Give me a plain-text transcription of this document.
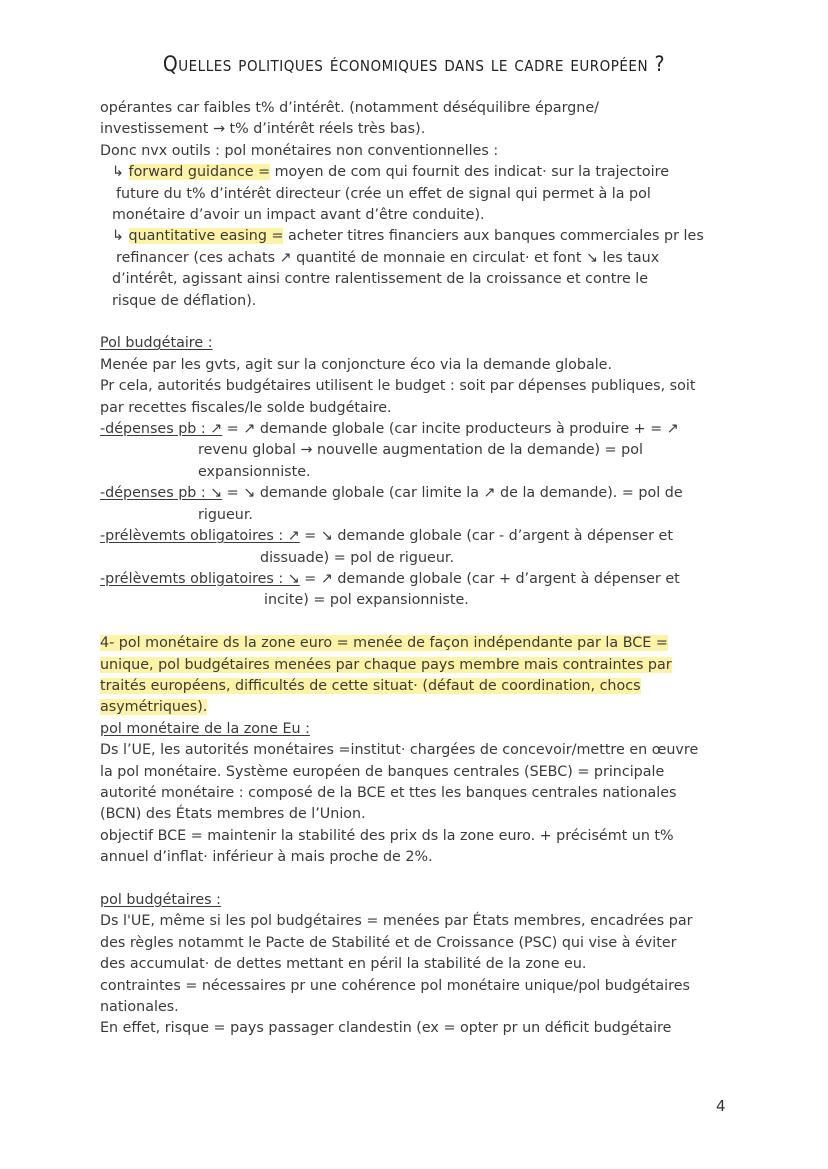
Quelles politiques économiques dans le cadre européen ?
opérantes car faibles t% d’intérêt. (notamment déséquilibre épargne/
investissement → t% d’intérêt réels très bas).
Donc nvx outils : pol monétaires non conventionnelles :
↳ forward guidance = moyen de com qui fournit des indicat· sur la trajectoire
future du t% d’intérêt directeur (crée un effet de signal qui permet à la pol
monétaire d’avoir un impact avant d’être conduite).
↳ quantitative easing = acheter titres financiers aux banques commerciales pr les
refinancer (ces achats ↗ quantité de monnaie en circulat· et font ↘ les taux
d’intérêt, agissant ainsi contre ralentissement de la croissance et contre le
risque de déflation).
Pol budgétaire :
Menée par les gvts, agit sur la conjoncture éco via la demande globale.
Pr cela, autorités budgétaires utilisent le budget : soit par dépenses publiques, soit
par recettes fiscales/le solde budgétaire.
-dépenses pb : ↗ = ↗ demande globale (car incite producteurs à produire + = ↗
revenu global → nouvelle augmentation de la demande) = pol
expansionniste.
-dépenses pb : ↘ = ↘ demande globale (car limite la ↗ de la demande). = pol de
rigueur.
-prélèvemts obligatoires : ↗ = ↘ demande globale (car - d’argent à dépenser et
dissuade) = pol de rigueur.
-prélèvemts obligatoires : ↘ = ↗ demande globale (car + d’argent à dépenser et
incite) = pol expansionniste.
4- pol monétaire ds la zone euro = menée de façon indépendante par la BCE =
unique, pol budgétaires menées par chaque pays membre mais contraintes par
traités européens, difficultés de cette situat· (défaut de coordination, chocs
asymétriques).
pol monétaire de la zone Eu :
Ds l’UE, les autorités monétaires =institut· chargées de concevoir/mettre en œuvre
la pol monétaire. Système européen de banques centrales (SEBC) = principale
autorité monétaire : composé de la BCE et ttes les banques centrales nationales
(BCN) des États membres de l’Union.
objectif BCE = maintenir la stabilité des prix ds la zone euro. + précisémt un t%
annuel d’inflat· inférieur à mais proche de 2%.
pol budgétaires :
Ds l'UE, même si les pol budgétaires = menées par États membres, encadrées par
des règles notammt le Pacte de Stabilité et de Croissance (PSC) qui vise à éviter
des accumulat· de dettes mettant en péril la stabilité de la zone eu.
contraintes = nécessaires pr une cohérence pol monétaire unique/pol budgétaires
nationales.
En effet, risque = pays passager clandestin (ex = opter pr un déficit budgétaire
4
